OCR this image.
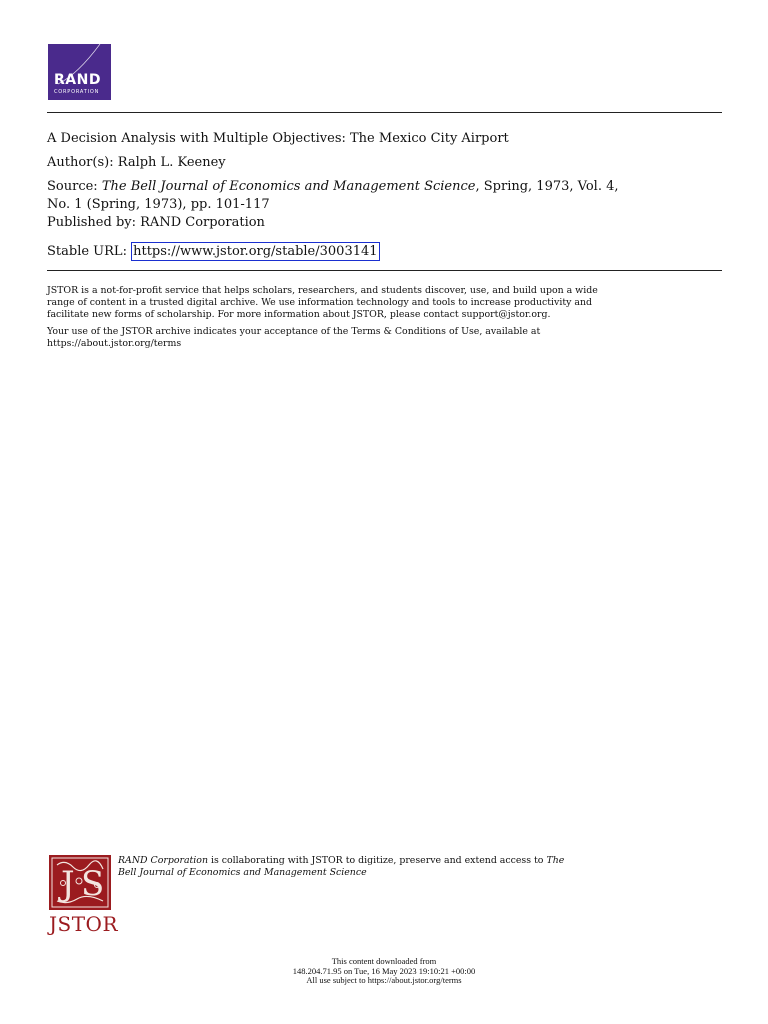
RAND
CORPORATION
A Decision Analysis with Multiple Objectives: The Mexico City Airport
Author(s): Ralph L. Keeney
Source: The Bell Journal of Economics and Management Science, Spring, 1973, Vol. 4,
No. 1 (Spring, 1973), pp. 101-117
Published by: RAND Corporation
Stable URL: https://www.jstor.org/stable/3003141
JSTOR is a not-for-profit service that helps scholars, researchers, and students discover, use, and build upon a wide
range of content in a trusted digital archive. We use information technology and tools to increase productivity and
facilitate new forms of scholarship. For more information about JSTOR, please contact support@jstor.org.
Your use of the JSTOR archive indicates your acceptance of the Terms & Conditions of Use, available at
https://about.jstor.org/terms
J S
JSTOR
RAND Corporation is collaborating with JSTOR to digitize, preserve and extend access to The
Bell Journal of Economics and Management Science
This content downloaded from
148.204.71.95 on Tue, 16 May 2023 19:10:21 +00:00
All use subject to https://about.jstor.org/terms
